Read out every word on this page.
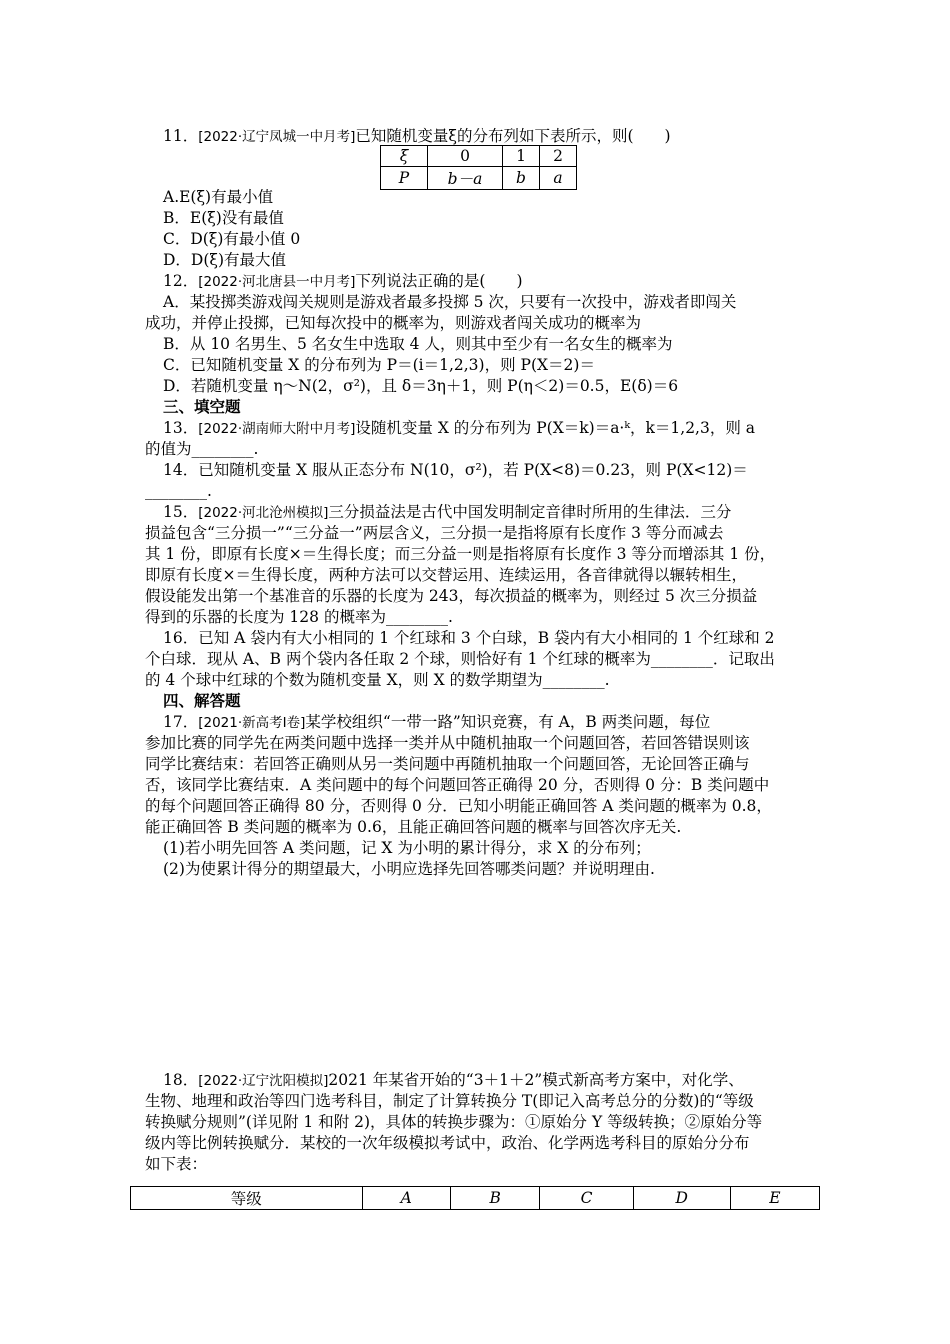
11．[2022·辽宁凤城一中月考]已知随机变量ξ的分布列如下表所示，则(　　)
ξ	0	1	2
P	b－a	b	a
A.E(ξ)有最小值
B．E(ξ)没有最值
C．D(ξ)有最小值 0
D．D(ξ)有最大值
12．[2022·河北唐县一中月考]下列说法正确的是(　　)
A．某投掷类游戏闯关规则是游戏者最多投掷 5 次，只要有一次投中，游戏者即闯关
成功，并停止投掷，已知每次投中的概率为，则游戏者闯关成功的概率为
B．从 10 名男生、5 名女生中选取 4 人，则其中至少有一名女生的概率为
C．已知随机变量 X 的分布列为 P＝(i＝1,2,3)，则 P(X＝2)＝
D．若随机变量 η～N(2，σ²)，且 δ＝3η＋1，则 P(η＜2)＝0.5，E(δ)＝6
三、填空题
13．[2022·湖南师大附中月考]设随机变量 X 的分布列为 P(X＝k)＝a·ᵏ，k＝1,2,3，则 a
的值为________.
14．已知随机变量 X 服从正态分布 N(10，σ²)，若 P(X<8)＝0.23，则 P(X<12)＝
________.
15．[2022·河北沧州模拟]三分损益法是古代中国发明制定音律时所用的生律法．三分
损益包含“三分损一”“三分益一”两层含义，三分损一是指将原有长度作 3 等分而减去
其 1 份，即原有长度×＝生得长度；而三分益一则是指将原有长度作 3 等分而增添其 1 份，
即原有长度×＝生得长度，两种方法可以交替运用、连续运用，各音律就得以辗转相生，
假设能发出第一个基准音的乐器的长度为 243，每次损益的概率为，则经过 5 次三分损益
得到的乐器的长度为 128 的概率为________.
16．已知 A 袋内有大小相同的 1 个红球和 3 个白球，B 袋内有大小相同的 1 个红球和 2
个白球．现从 A、B 两个袋内各任取 2 个球，则恰好有 1 个红球的概率为________．记取出
的 4 个球中红球的个数为随机变量 X，则 X 的数学期望为________.
四、解答题
17．[2021·新高考Ⅰ卷]某学校组织“一带一路”知识竞赛，有 A，B 两类问题，每位
参加比赛的同学先在两类问题中选择一类并从中随机抽取一个问题回答，若回答错误则该
同学比赛结束：若回答正确则从另一类问题中再随机抽取一个问题回答，无论回答正确与
否，该同学比赛结束．A 类问题中的每个问题回答正确得 20 分，否则得 0 分：B 类问题中
的每个问题回答正确得 80 分，否则得 0 分．已知小明能正确回答 A 类问题的概率为 0.8，
能正确回答 B 类问题的概率为 0.6，且能正确回答问题的概率与回答次序无关.
(1)若小明先回答 A 类问题，记 X 为小明的累计得分，求 X 的分布列；
(2)为使累计得分的期望最大，小明应选择先回答哪类问题？并说明理由.
18．[2022·辽宁沈阳模拟]2021 年某省开始的“3＋1＋2”模式新高考方案中，对化学、
生物、地理和政治等四门选考科目，制定了计算转换分 T(即记入高考总分的分数)的“等级
转换赋分规则”(详见附 1 和附 2)，具体的转换步骤为：①原始分 Y 等级转换；②原始分等
级内等比例转换赋分．某校的一次年级模拟考试中，政治、化学两选考科目的原始分分布
如下表：
等级	A	B	C	D	E
